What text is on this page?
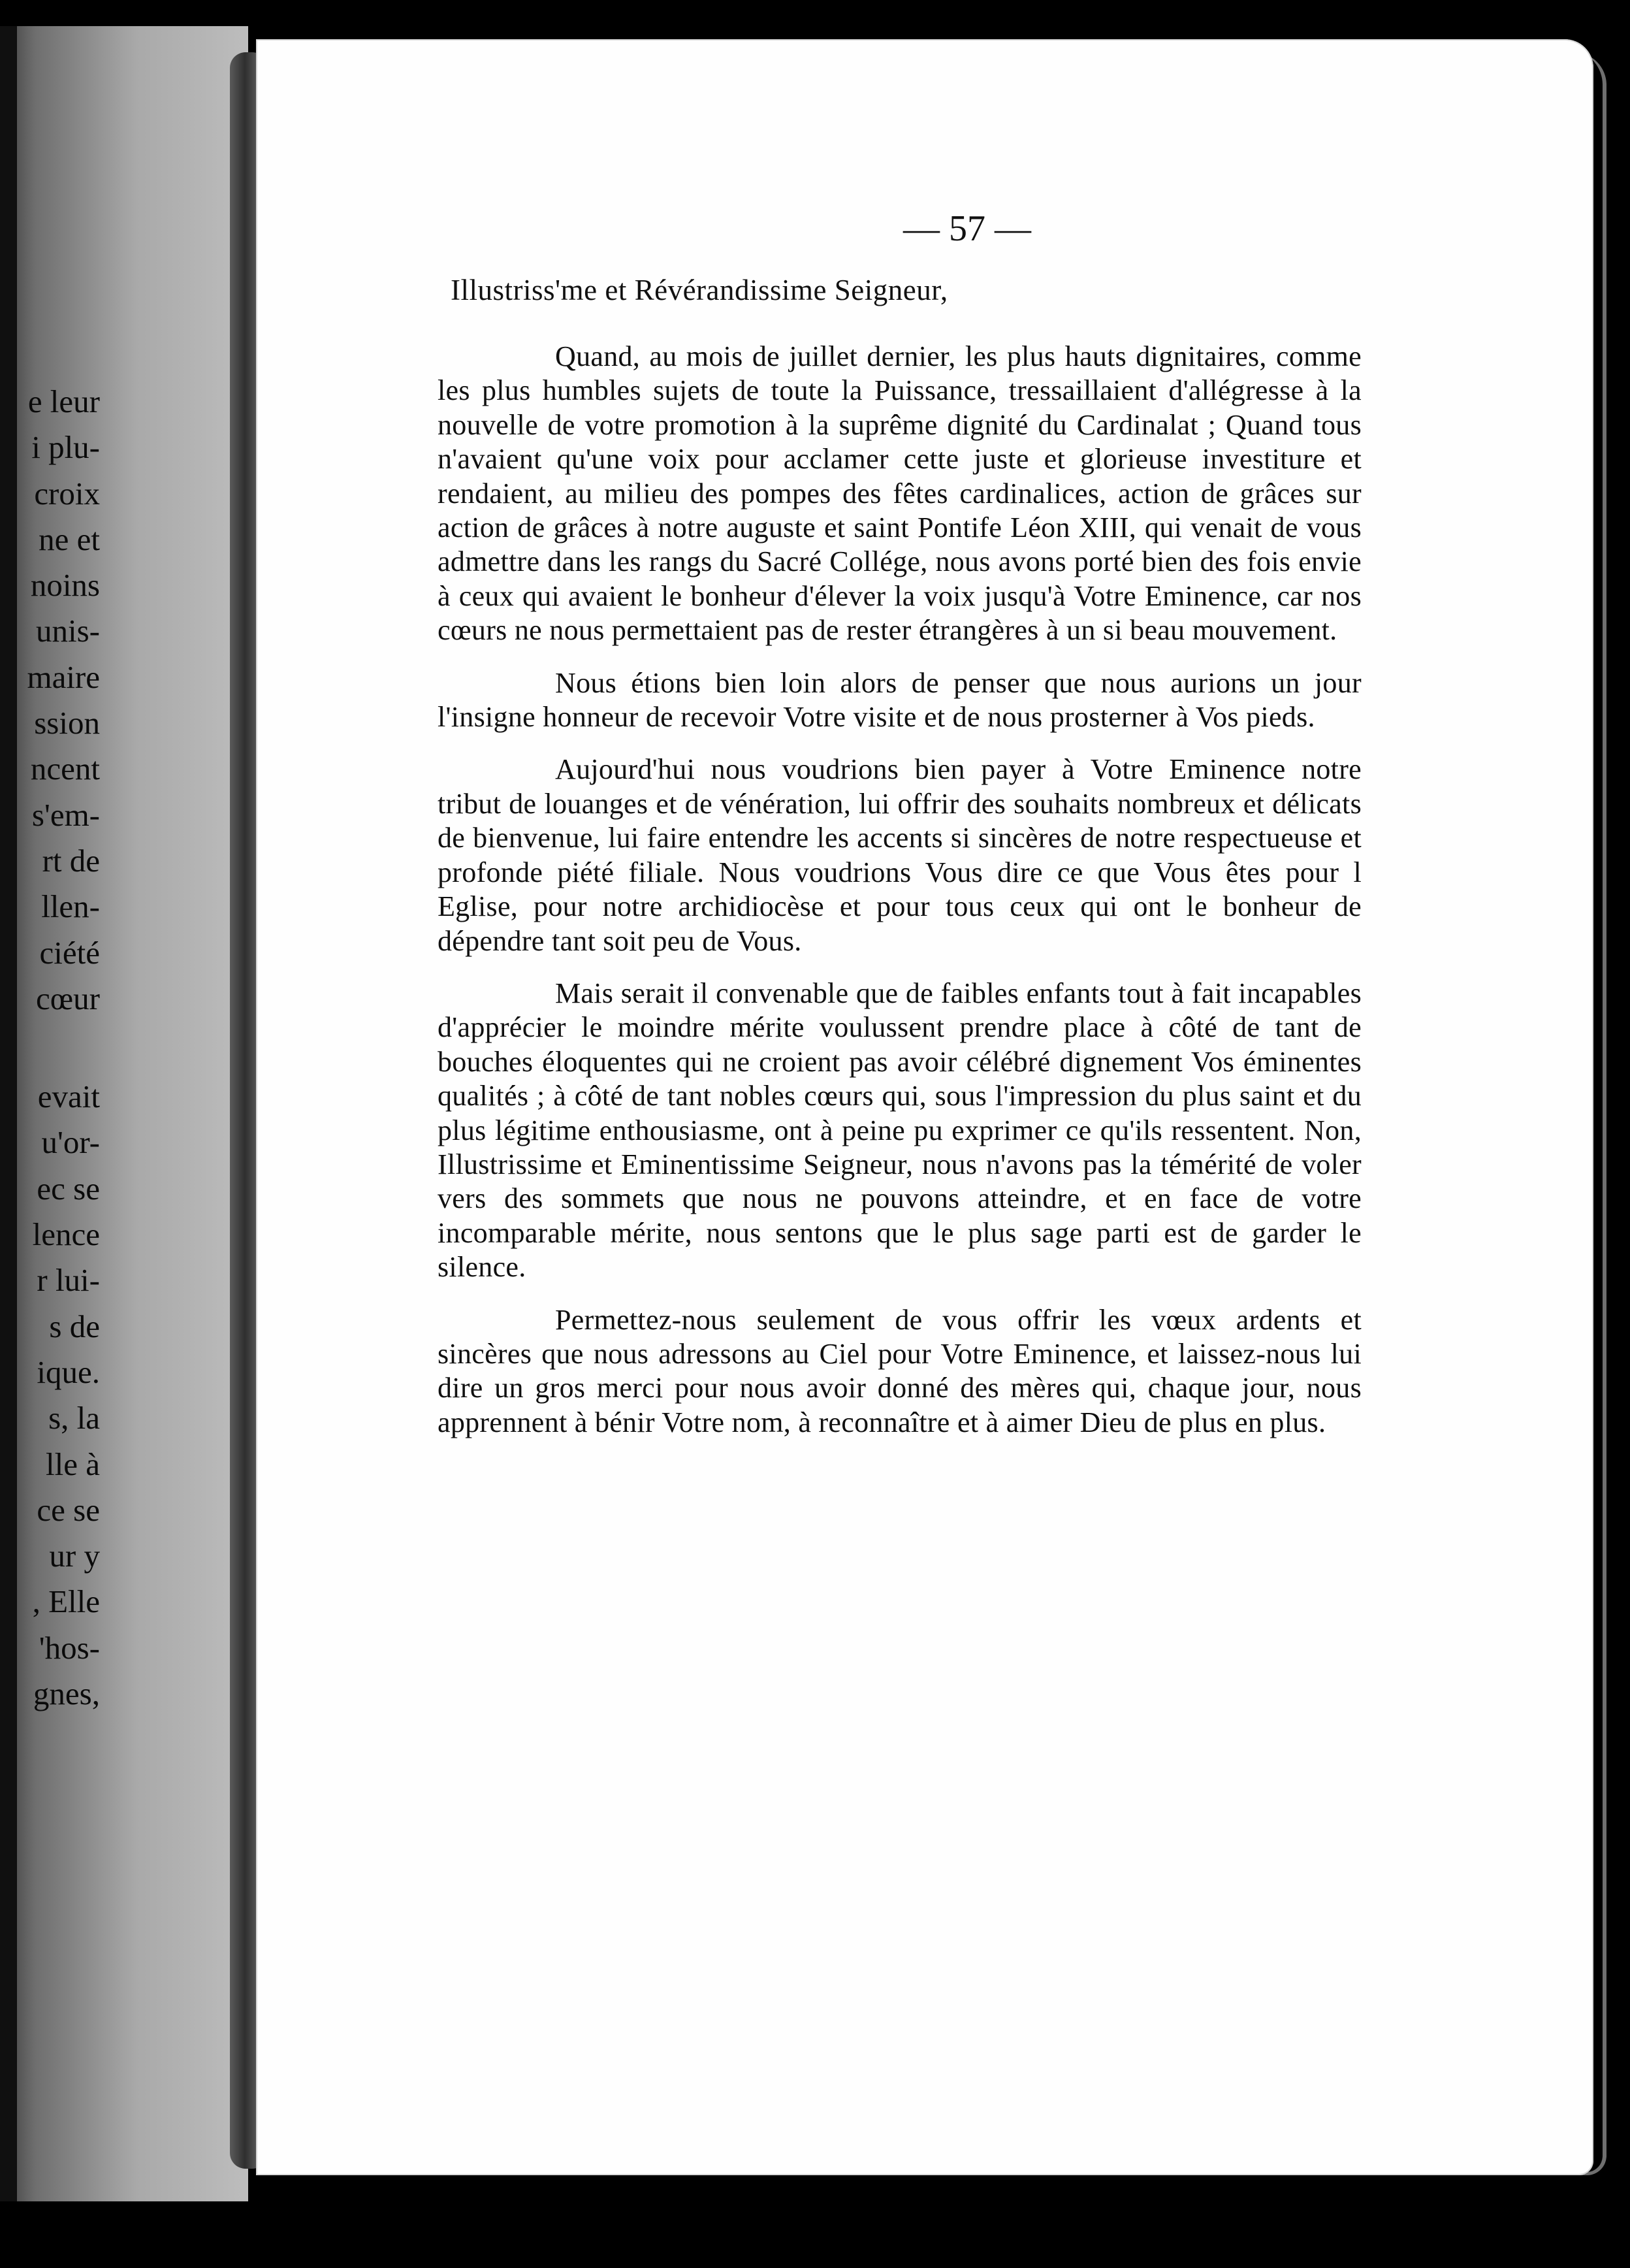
e leur
i plu-
croix
ne et
noins
unis-
maire
ssion
ncent
s'em-
rt de
llen-
ciété
cœur
evait
u'or-
ec se
lence
r lui-
s de
ique.
s, la
lle à
ce se
ur y
, Elle
'hos-
gnes,
— 57 —
Illustriss'me et Révérandissime Seigneur,

Quand, au mois de juillet dernier, les plus hauts dignitaires, comme les plus humbles sujets de toute la Puissance, tressaillaient d'allégresse à la nouvelle de votre promotion à la suprême dignité du Cardinalat ; Quand tous n'avaient qu'une voix pour acclamer cette juste et glorieuse investiture et rendaient, au milieu des pompes des fêtes cardinalices, action de grâces sur action de grâces à notre auguste et saint Pontife Léon XIII, qui venait de vous admettre dans les rangs du Sacré Collége, nous avons porté bien des fois envie à ceux qui avaient le bonheur d'élever la voix jusqu'à Votre Eminence, car nos cœurs ne nous permettaient pas de rester étrangères à un si beau mouvement.

Nous étions bien loin alors de penser que nous aurions un jour l'insigne honneur de recevoir Votre visite et de nous prosterner à Vos pieds.

Aujourd'hui nous voudrions bien payer à Votre Eminence notre tribut de louanges et de vénération, lui offrir des souhaits nombreux et délicats de bienvenue, lui faire entendre les accents si sincères de notre respectueuse et profonde piété filiale. Nous voudrions Vous dire ce que Vous êtes pour l Eglise, pour notre archidiocèse et pour tous ceux qui ont le bonheur de dépendre tant soit peu de Vous.

Mais serait il convenable que de faibles enfants tout à fait incapables d'apprécier le moindre mérite voulussent prendre place à côté de tant de bouches éloquentes qui ne croient pas avoir célébré dignement Vos éminentes qualités ; à côté de tant nobles cœurs qui, sous l'impression du plus saint et du plus légitime enthousiasme, ont à peine pu exprimer ce qu'ils ressentent. Non, Illustrissime et Eminentissime Seigneur, nous n'avons pas la témérité de voler vers des sommets que nous ne pouvons atteindre, et en face de votre incomparable mérite, nous sentons que le plus sage parti est de garder le silence.

Permettez-nous seulement de vous offrir les vœux ardents et sincères que nous adressons au Ciel pour Votre Eminence, et laissez-nous lui dire un gros merci pour nous avoir donné des mères qui, chaque jour, nous apprennent à bénir Votre nom, à reconnaître et à aimer Dieu de plus en plus.
